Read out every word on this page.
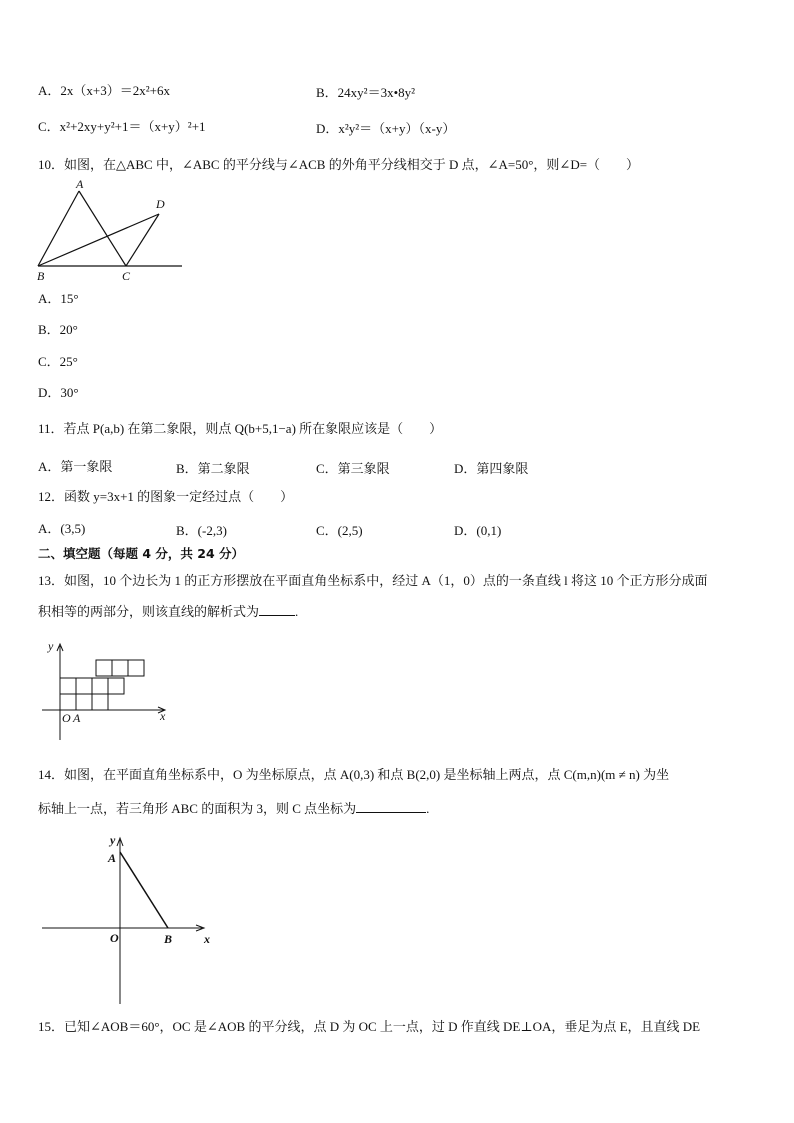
A．2x（x+3）＝2x²+6x	B．24xy²＝3x•8y²
C．x²+2xy+y²+1＝（x+y）²+1	D．x²y²＝（x+y）（x-y）
10．如图，在△ABC 中，∠ABC 的平分线与∠ACB 的外角平分线相交于 D 点，∠A=50°，则∠D=（　　）
A
B	C
D
A．15°
B．20°
C．25°
D．30°
11．若点 P(a,b) 在第二象限，则点 Q(b+5,1−a) 所在象限应该是（　　）
A．第一象限	B．第二象限	C．第三象限	D．第四象限
12．函数 y=3x+1 的图象一定经过点（　　）
A．(3,5)	B．(-2,3)	C．(2,5)	D．(0,1)
二、填空题（每题 4 分，共 24 分）
13．如图，10 个边长为 1 的正方形摆放在平面直角坐标系中，经过 A（1，0）点的一条直线 l 将这 10 个正方形分成面
积相等的两部分，则该直线的解析式为	.
y
x
O A
14．如图，在平面直角坐标系中，O 为坐标原点，点 A(0,3) 和点 B(2,0) 是坐标轴上两点，点 C(m,n)(m ≠ n) 为坐
标轴上一点，若三角形 ABC 的面积为 3，则 C 点坐标为	.
y
A
O	B	x
15．已知∠AOB＝60°，OC 是∠AOB 的平分线，点 D 为 OC 上一点，过 D 作直线 DE⊥OA，垂足为点 E，且直线 DE
